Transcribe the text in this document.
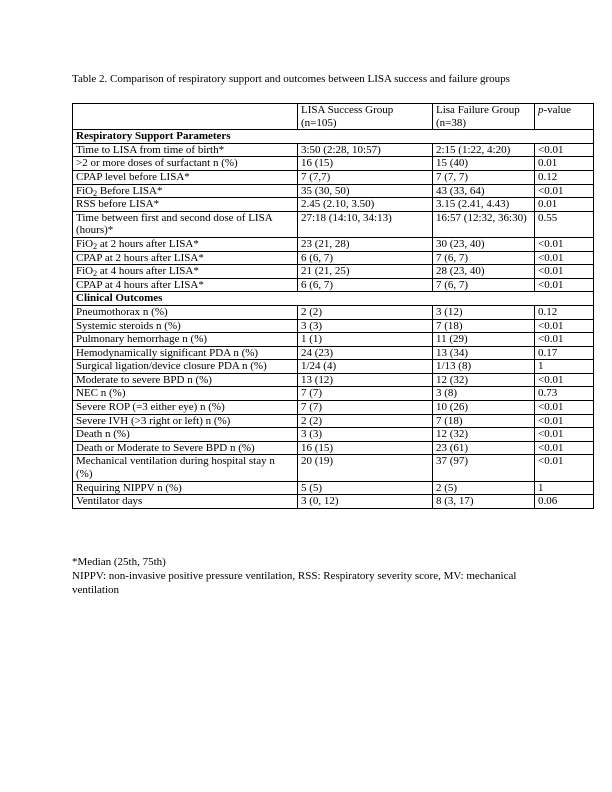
Table 2. Comparison of respiratory support and outcomes between LISA success and failure groups
	LISA Success Group (n=105)	Lisa Failure Group (n=38)	p-value
Respiratory Support Parameters			
Time to LISA from time of birth*	3:50 (2:28, 10:57)	2:15 (1:22, 4:20)	<0.01
>2 or more doses of surfactant n (%)	16 (15)	15 (40)	0.01
CPAP level before LISA*	7 (7,7)	7 (7, 7)	0.12
FiO$_2$ Before LISA*	35 (30, 50)	43 (33, 64)	<0.01
RSS before LISA*	2.45 (2.10, 3.50)	3.15 (2.41, 4.43)	0.01
Time between first and second dose of LISA (hours)*	27:18 (14:10, 34:13)	16:57 (12:32, 36:30)	0.55
FiO$_2$ at 2 hours after LISA*	23 (21, 28)	30 (23, 40)	<0.01
CPAP at 2 hours after LISA*	6 (6, 7)	7 (6, 7)	<0.01
FiO$_2$ at 4 hours after LISA*	21 (21, 25)	28 (23, 40)	<0.01
CPAP at 4 hours after LISA*	6 (6, 7)	7 (6, 7)	<0.01
Clinical Outcomes			
Pneumothorax n (%)	2 (2)	3 (12)	0.12
Systemic steroids n (%)	3 (3)	7 (18)	<0.01
Pulmonary hemorrhage n (%)	1 (1)	11 (29)	<0.01
Hemodynamically significant PDA n (%)	24 (23)	13 (34)	0.17
Surgical ligation/device closure PDA n (%)	1/24 (4)	1/13 (8)	1
Moderate to severe BPD n (%)	13 (12)	12 (32)	<0.01
NEC n (%)	7 (7)	3 (8)	0.73
Severe ROP (=3 either eye) n (%)	7 (7)	10 (26)	<0.01
Severe IVH (>3 right or left) n (%)	2 (2)	7 (18)	<0.01
Death n (%)	3 (3)	12 (32)	<0.01
Death or Moderate to Severe BPD n (%)	16 (15)	23 (61)	<0.01
Mechanical ventilation during hospital stay n (%)	20 (19)	37 (97)	<0.01
Requiring NIPPV n (%)	5 (5)	2 (5)	1
Ventilator days	3 (0, 12)	8 (3, 17)	0.06
*Median (25th, 75th)
NIPPV: non-invasive positive pressure ventilation, RSS: Respiratory severity score, MV: mechanical ventilation
